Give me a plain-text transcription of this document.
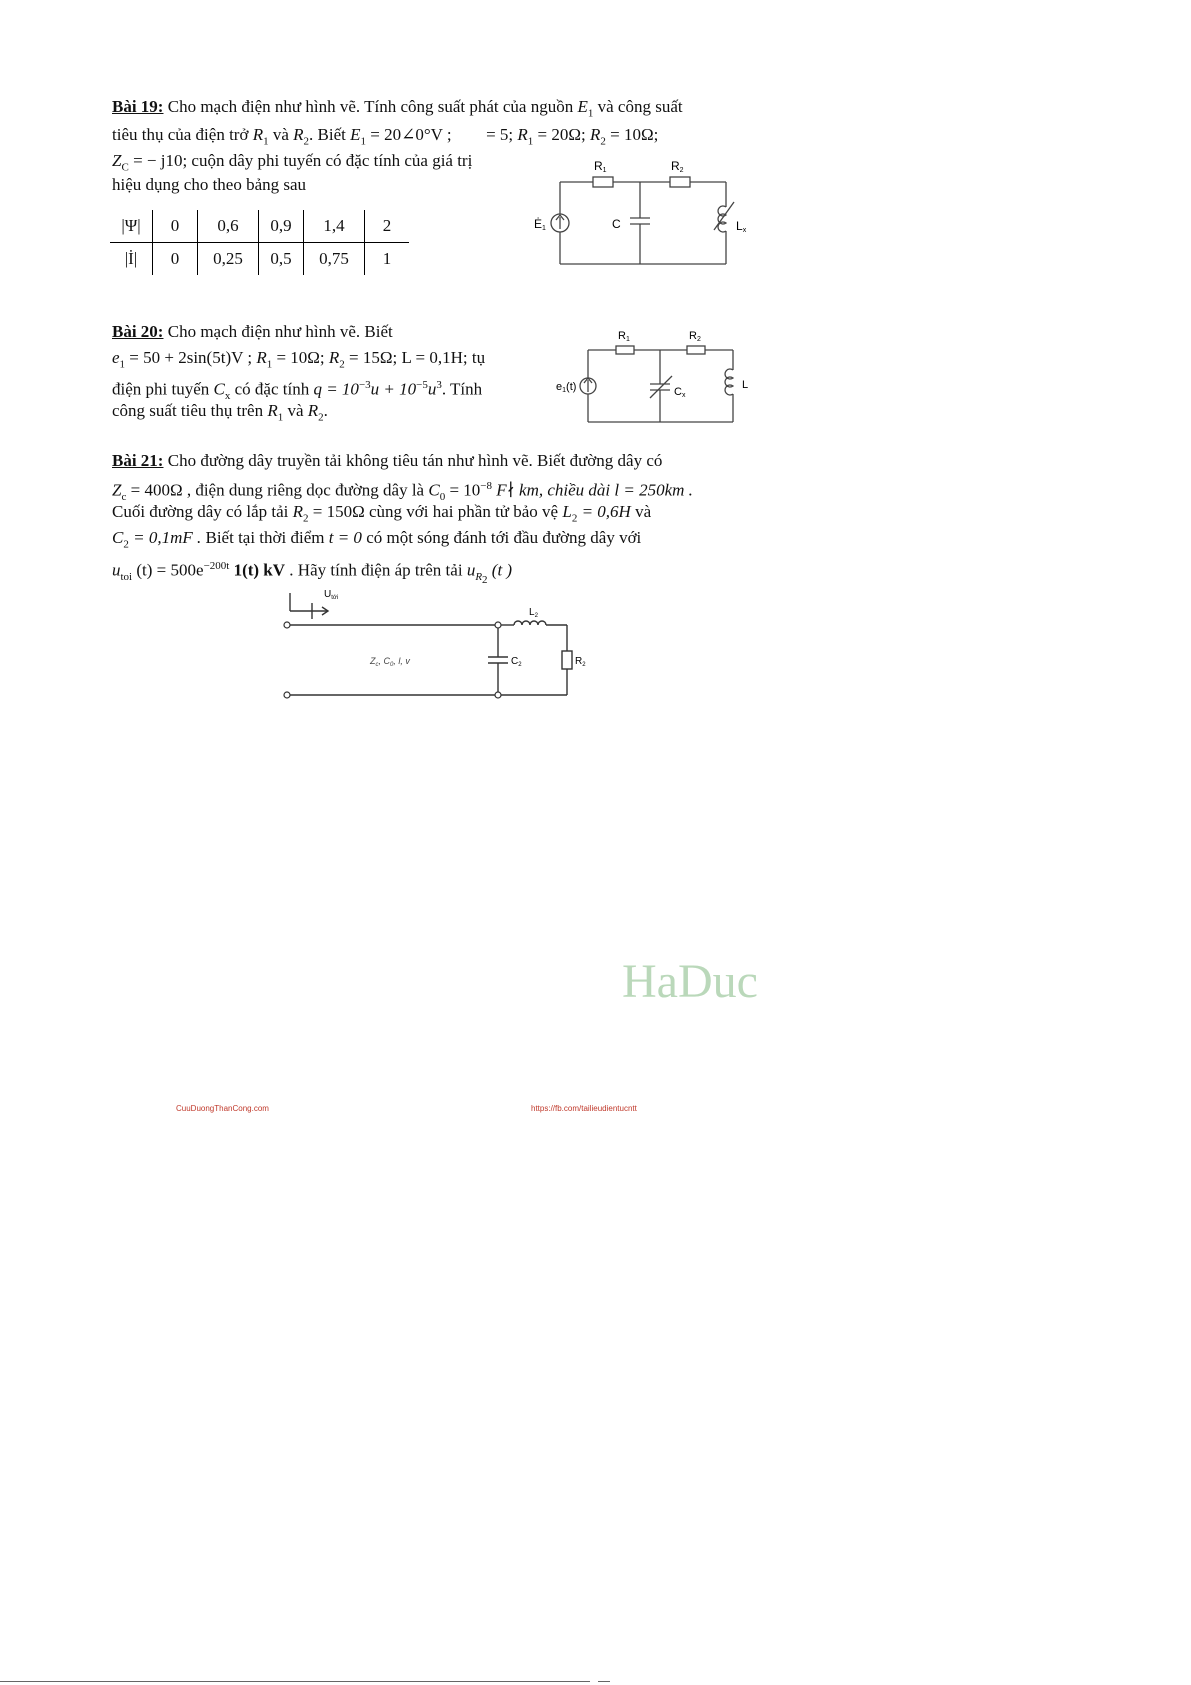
Bài 19: Cho mạch điện như hình vẽ. Tính công suất phát của nguồn $E_1$ và công suất
tiêu thụ của điện trở $R_1$ và $R_2$. Biết $E_1$ = 20∠0°V ; = 5; $R_1 = 20\Omega$; $R_2 = 10\Omega$;
$Z_C$ = − j10; cuộn dây phi tuyến có đặc tính của giá trị
hiệu dụng cho theo bảng sau
|Ψ|	0	0,6	0,9	1,4	2
|İ|	0	0,25	0,5	0,75	1
R1	R2
Ė1	C	Lx
Bài 20: Cho mạch điện như hình vẽ. Biết
$e_1 = 50 + 2\sin(5t)V$ ; $R_1 = 10\Omega$; $R_2 = 15\Omega$; L = 0,1H; tụ
điện phi tuyến $C_x$ có đặc tính $q = 10^{-3}u + 10^{-5}u^3$. Tính
công suất tiêu thụ trên $R_1$ và $R_2$.
R1	R2
e1(t)	Cx
L
Bài 21: Cho đường dây truyền tải không tiêu tán như hình vẽ. Biết đường dây có
$Z_c = 400\Omega$ , điện dung riêng dọc đường dây là $C_0 = 10^{-8}$ F∤ km, chiều dài l = 250km .
Cuối đường dây có lắp tải $R_2 = 150\Omega$ cùng với hai phần tử bảo vệ $L_2 = 0,6H$ và
$C_2 = 0,1mF$ . Biết tại thời điểm t = 0 có một sóng đánh tới đầu đường dây với
$u_{toi}$ $(t) = 500e^{-200t}$ 1(t) kV . Hãy tính điện áp trên tải $u_{R_2}$ (t )
$U_{tới}$
$Z_c$, $C_0$, l, v
$L_2$
$C_2$	$R_2$
HaDuc
CuuDuongThanCong.com	https://fb.com/tailieudientucntt
